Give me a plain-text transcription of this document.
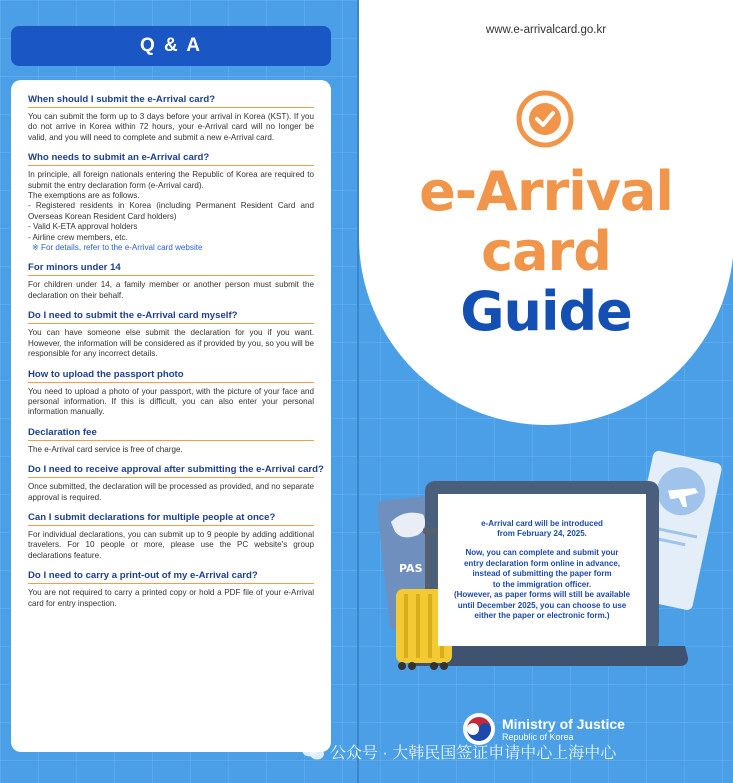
Q & A
When should I submit the e-Arrival card?
You can submit the form up to 3 days before your arrival in Korea (KST). If you do not arrive in Korea within 72 hours, your e-Arrival card will no longer be valid, and you will need to complete and submit a new e-Arrival card.
Who needs to submit an e-Arrival card?

In principle, all foreign nationals entering the Republic of Korea are required to submit the entry declaration form (e-Arrival card).

The exemptions are as follows.

- Registered residents in Korea (including Permanent Resident Card and Overseas Korean Resident Card holders)

- Valid K-ETA approval holders

- Airline crew members, etc.

※ For details, refer to the e-Arrival card website

For minors under 14
For children under 14, a family member or another person must submit the declaration on their behalf.
Do I need to submit the e-Arrival card myself?
You can have someone else submit the declaration for you if you want. However, the information will be considered as if provided by you, so you will be responsible for any incorrect details.
How to upload the passport photo
You need to upload a photo of your passport, with the picture of your face and personal information. If this is difficult, you can also enter your personal information manually.
Declaration fee
The e-Arrival card service is free of charge.
Do I need to receive approval after submitting the e-Arrival card?
Once submitted, the declaration will be processed as provided, and no separate approval is required.
Can I submit declarations for multiple people at once?
For individual declarations, you can submit up to 9 people by adding additional travelers. For 10 people or more, please use the PC website's group declarations feature.
Do I need to carry a print-out of my e-Arrival card?
You are not required to carry a printed copy or hold a PDF file of your e-Arrival card for entry inspection.
www.e-arrivalcard.go.kr
e-Arrival
card
Guide
PAS
e-Arrival card will be introduced
from February 24, 2025.
Now, you can complete and submit your
entry declaration form online in advance,
instead of submitting the paper form
to the immigration officer.
(However, as paper forms will still be available
until December 2025, you can choose to use
either the paper or electronic form.)
Ministry of Justice
Republic of Korea
公众号 · 大韩民国签证申请中心上海中心
